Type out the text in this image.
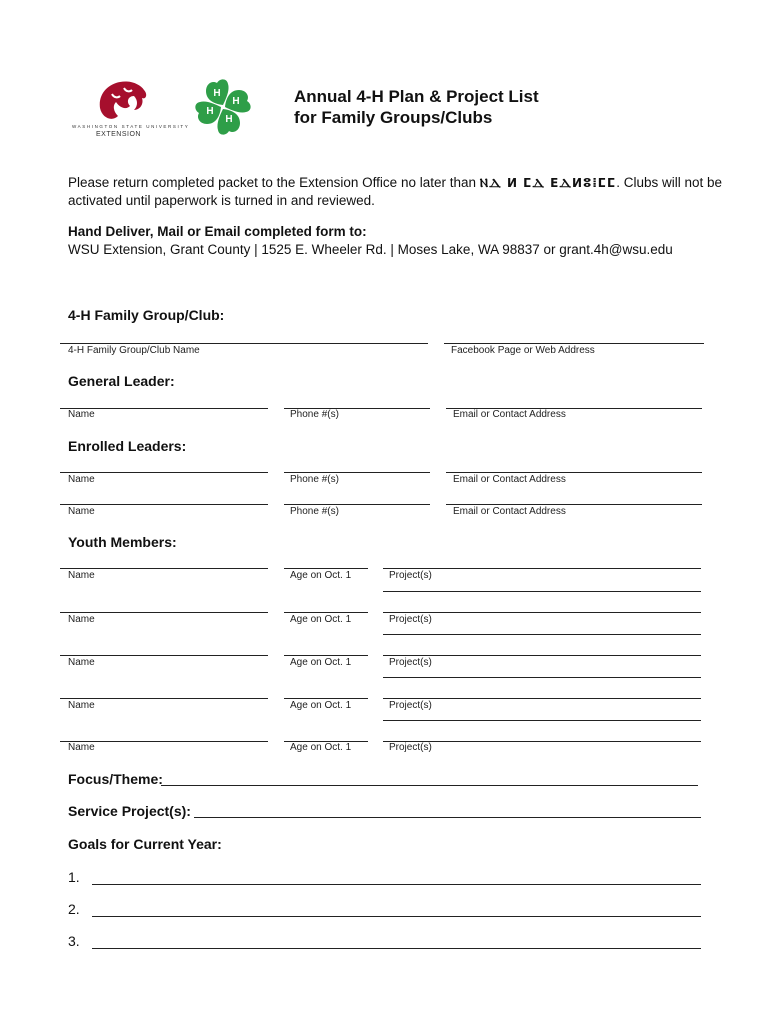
WASHINGTON STATE UNIVERSITY
EXTENSION
H
H
H
H
Annual 4-H Plan & Project List
for Family Groups/Clubs
Please return completed packet to the Extension Office no later than ⲚⲆ ⵍ ⵎⲆ ⴹⲆⵍⵓⵂⵎⵎ. Clubs will not be
activated until paperwork is turned in and reviewed.
Hand Deliver, Mail or Email completed form to:
WSU Extension, Grant County | 1525 E. Wheeler Rd. | Moses Lake, WA 98837 or grant.4h@wsu.edu
4-H Family Group/Club:
4-H Family Group/Club Name	Facebook Page or Web Address
General Leader:
Name	Phone #(s)	Email or Contact Address
Enrolled Leaders:
Name	Phone #(s)	Email or Contact Address
Name	Phone #(s)	Email or Contact Address
Youth Members:
Name	Age on Oct. 1	Project(s)
Name	Age on Oct. 1	Project(s)
Name	Age on Oct. 1	Project(s)
Name	Age on Oct. 1	Project(s)
Name	Age on Oct. 1	Project(s)
Focus/Theme:
Service Project(s):
Goals for Current Year:
1.
2.
3.
